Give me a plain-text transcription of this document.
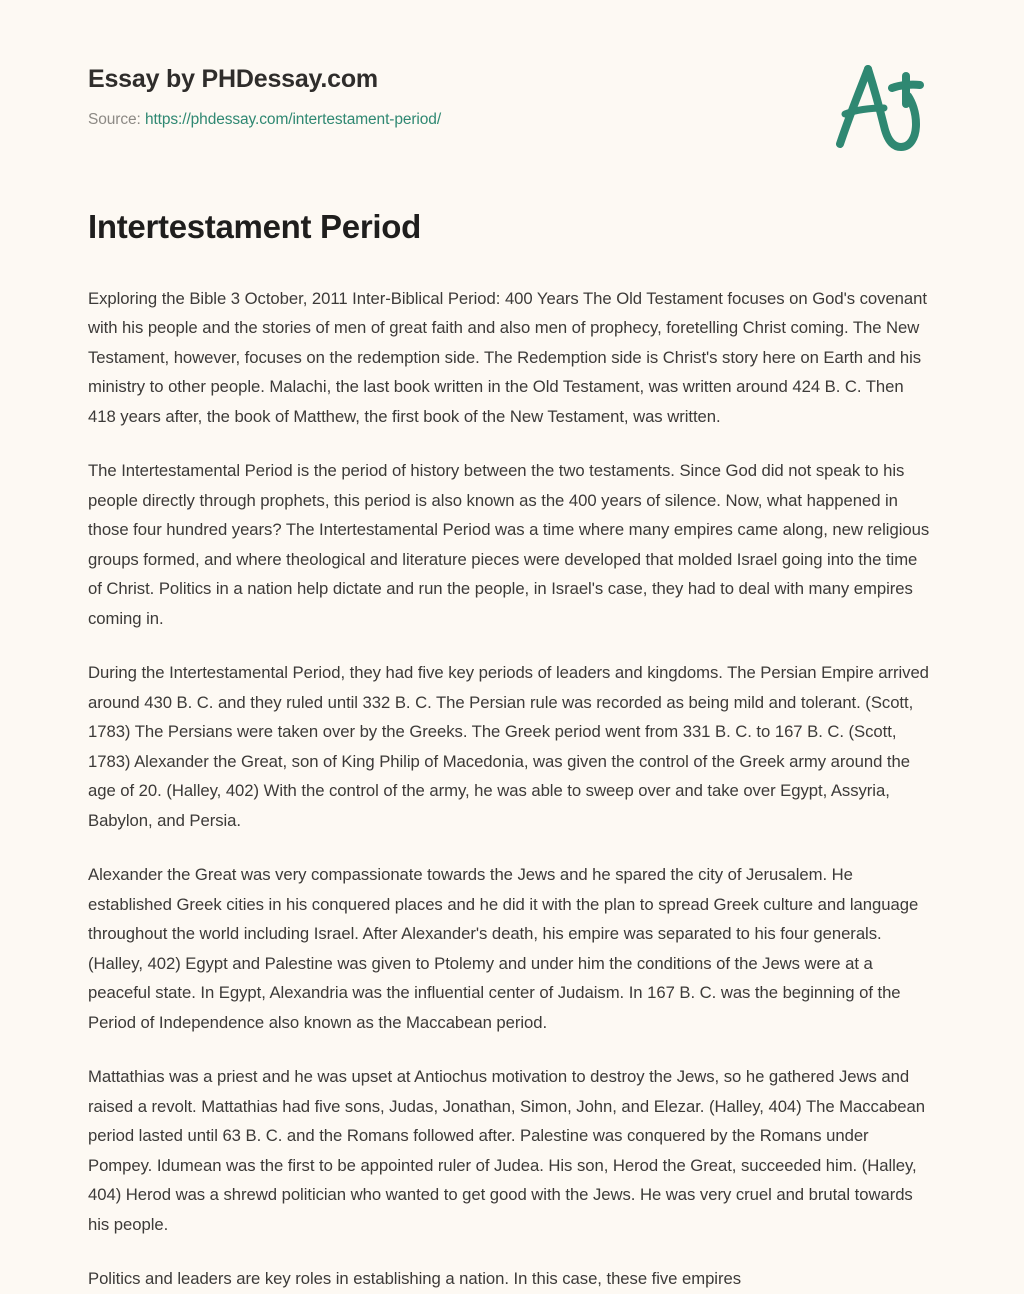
Essay by PHDessay.com
Source: https://phdessay.com/intertestament-period/
Intertestament Period

Exploring the Bible 3 October, 2011 Inter-Biblical Period: 400 Years The Old Testament focuses on God's covenant with his people and the stories of men of great faith and also men of prophecy, foretelling Christ coming. The New Testament, however, focuses on the redemption side. The Redemption side is Christ's story here on Earth and his ministry to other people. Malachi, the last book written in the Old Testament, was written around 424 B. C. Then 418 years after, the book of Matthew, the first book of the New Testament, was written.

The Intertestamental Period is the period of history between the two testaments. Since God did not speak to his people directly through prophets, this period is also known as the 400 years of silence. Now, what happened in those four hundred years? The Intertestamental Period was a time where many empires came along, new religious groups formed, and where theological and literature pieces were developed that molded Israel going into the time of Christ. Politics in a nation help dictate and run the people, in Israel's case, they had to deal with many empires coming in.

During the Intertestamental Period, they had five key periods of leaders and kingdoms. The Persian Empire arrived around 430 B. C. and they ruled until 332 B. C. The Persian rule was recorded as being mild and tolerant. (Scott, 1783) The Persians were taken over by the Greeks. The Greek period went from 331 B. C. to 167 B. C. (Scott, 1783) Alexander the Great, son of King Philip of Macedonia, was given the control of the Greek army around the age of 20. (Halley, 402) With the control of the army, he was able to sweep over and take over Egypt, Assyria, Babylon, and Persia.

Alexander the Great was very compassionate towards the Jews and he spared the city of Jerusalem. He established Greek cities in his conquered places and he did it with the plan to spread Greek culture and language throughout the world including Israel. After Alexander's death, his empire was separated to his four generals. (Halley, 402) Egypt and Palestine was given to Ptolemy and under him the conditions of the Jews were at a peaceful state. In Egypt, Alexandria was the influential center of Judaism. In 167 B. C. was the beginning of the Period of Independence also known as the Maccabean period.

Mattathias was a priest and he was upset at Antiochus motivation to destroy the Jews, so he gathered Jews and raised a revolt. Mattathias had five sons, Judas, Jonathan, Simon, John, and Elezar. (Halley, 404) The Maccabean period lasted until 63 B. C. and the Romans followed after. Palestine was conquered by the Romans under Pompey. Idumean was the first to be appointed ruler of Judea. His son, Herod the Great, succeeded him. (Halley, 404) Herod was a shrewd politician who wanted to get good with the Jews. He was very cruel and brutal towards his people.

Politics and leaders are key roles in establishing a nation. In this case, these five empires
